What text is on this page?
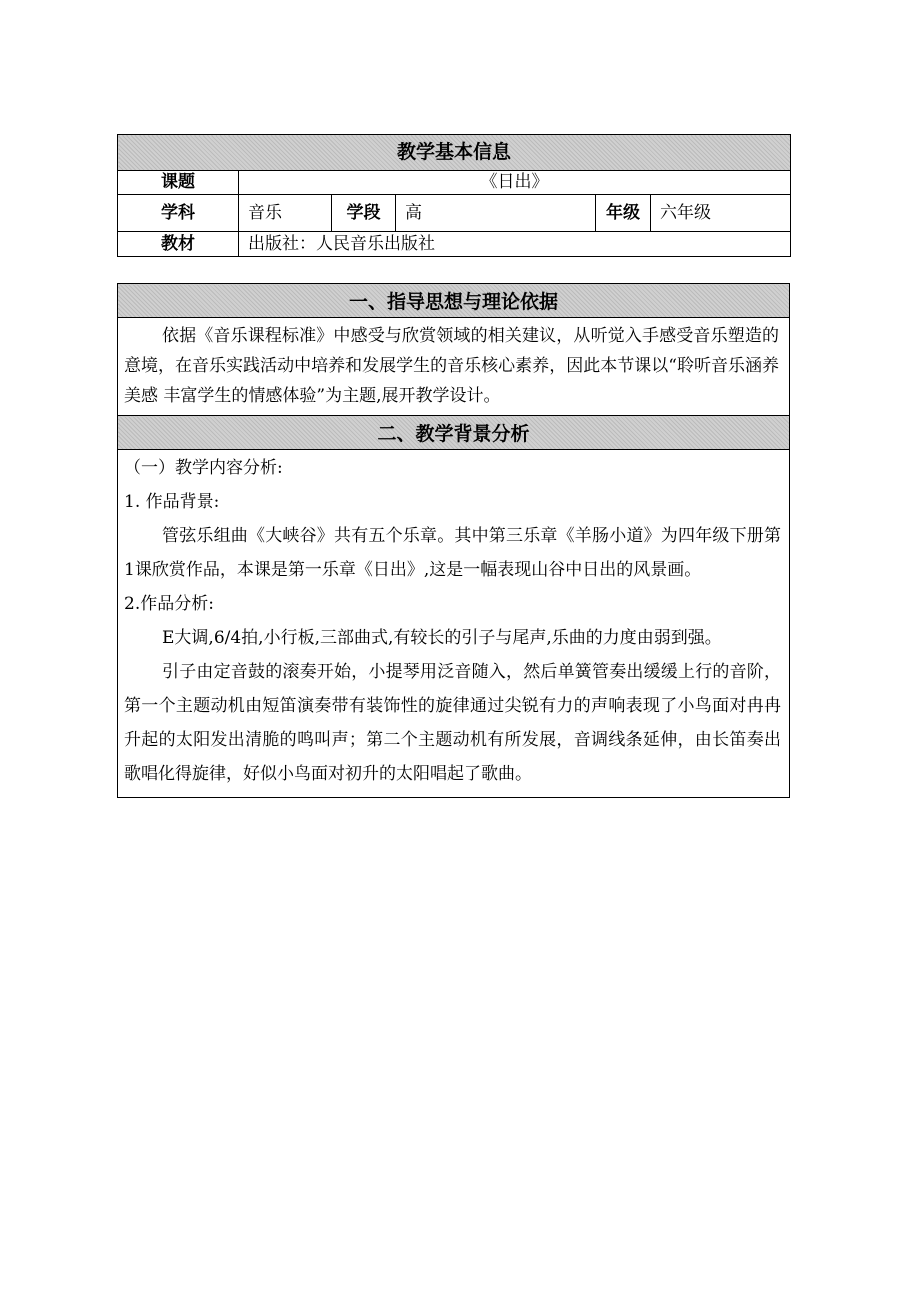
教学基本信息					
课题	《日出》				
学科	音乐	学段	高	年级	六年级
教材	出版社：人民音乐出版社				
一、指导思想与理论依据

依据《音乐课程标准》中感受与欣赏领域的相关建议，从听觉入手感受音乐塑造的意境，在音乐实践活动中培养和发展学生的音乐核心素养，因此本节课以“聆听音乐涵养美感 丰富学生的情感体验”为主题,展开教学设计。

二、教学背景分析

（一）教学内容分析:

1. 作品背景:

管弦乐组曲《大峡谷》共有五个乐章。其中第三乐章《羊肠小道》为四年级下册第1课欣赏作品，本课是第一乐章《日出》,这是一幅表现山谷中日出的风景画。

2.作品分析:

E大调,6/4拍,小行板,三部曲式,有较长的引子与尾声,乐曲的力度由弱到强。

引子由定音鼓的滚奏开始，小提琴用泛音随入，然后单簧管奏出缓缓上行的音阶，第一个主题动机由短笛演奏带有装饰性的旋律通过尖锐有力的声响表现了小鸟面对冉冉升起的太阳发出清脆的鸣叫声；第二个主题动机有所发展，音调线条延伸，由长笛奏出歌唱化得旋律，好似小鸟面对初升的太阳唱起了歌曲。
